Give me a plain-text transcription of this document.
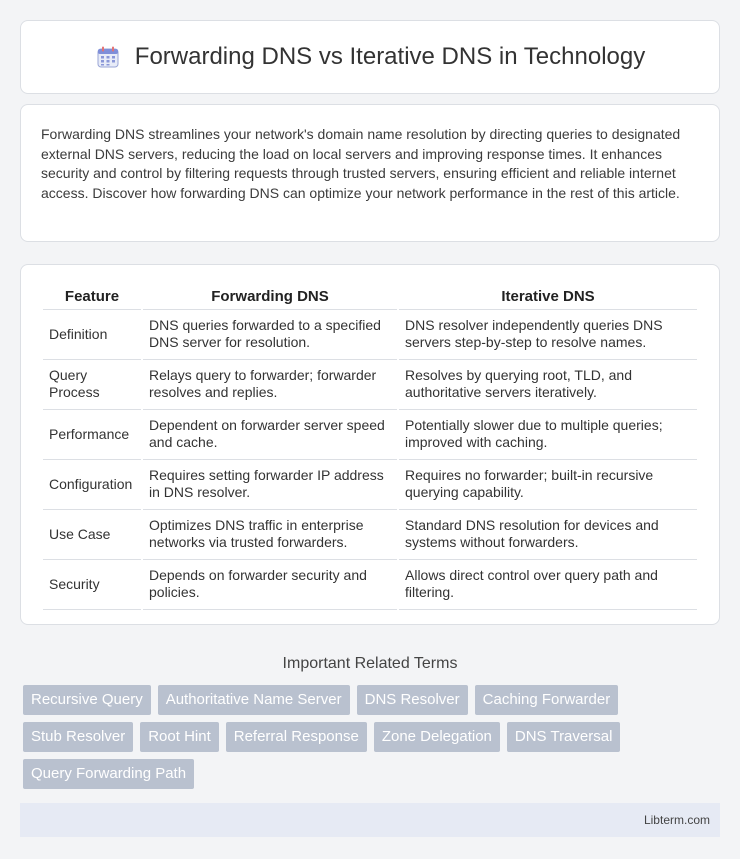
Forwarding DNS vs Iterative DNS in Technology

Forwarding DNS streamlines your network's domain name resolution by directing queries to designated external DNS servers, reducing the load on local servers and improving response times. It enhances security and control by filtering requests through trusted servers, ensuring efficient and reliable internet access. Discover how forwarding DNS can optimize your network performance in the rest of this article.

Feature	Forwarding DNS	Iterative DNS
Definition	DNS queries forwarded to a specified DNS server for resolution.	DNS resolver independently queries DNS servers step-by-step to resolve names.
Query Process	Relays query to forwarder; forwarder resolves and replies.	Resolves by querying root, TLD, and authoritative servers iteratively.
Performance	Dependent on forwarder server speed and cache.	Potentially slower due to multiple queries; improved with caching.
Configuration	Requires setting forwarder IP address in DNS resolver.	Requires no forwarder; built-in recursive querying capability.
Use Case	Optimizes DNS traffic in enterprise networks via trusted forwarders.	Standard DNS resolution for devices and systems without forwarders.
Security	Depends on forwarder security and policies.	Allows direct control over query path and filtering.
Important Related Terms
Recursive Query	Authoritative Name Server	DNS Resolver	Caching Forwarder
Stub Resolver	Root Hint	Referral Response	Zone Delegation	DNS Traversal
Query Forwarding Path
Libterm.com
